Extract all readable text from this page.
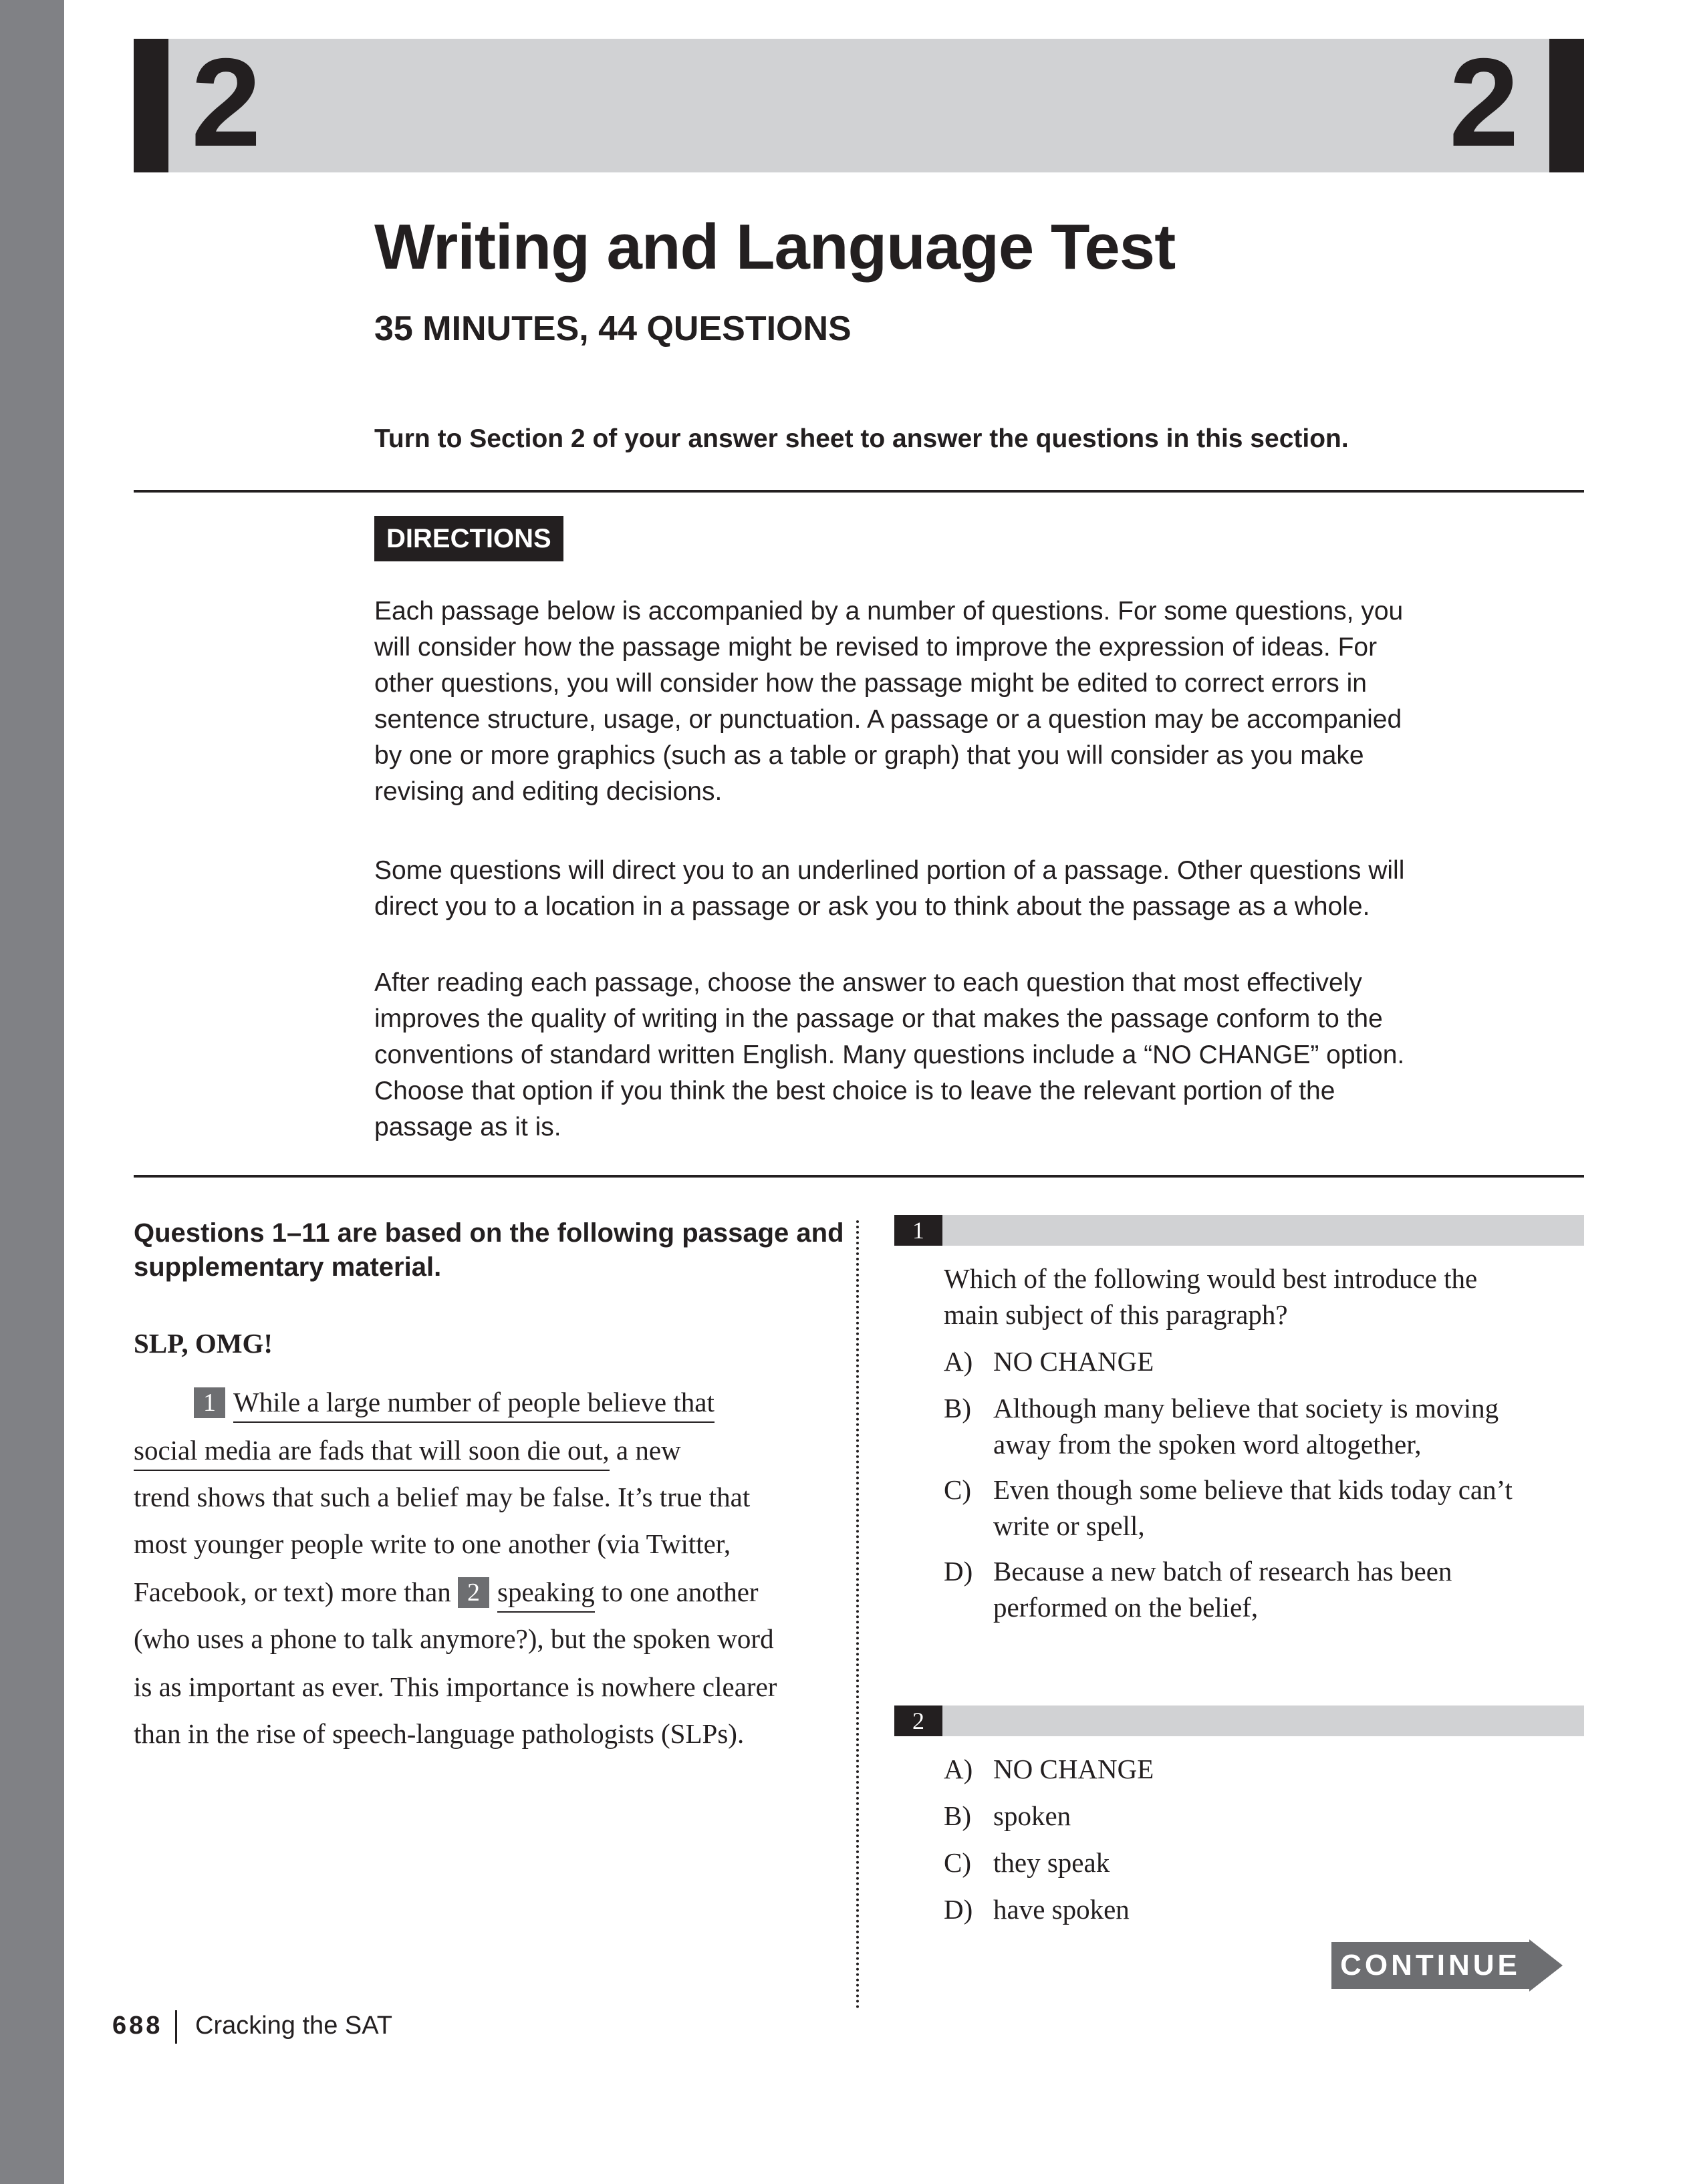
2	2
Writing and Language Test
35 MINUTES, 44 QUESTIONS
Turn to Section 2 of your answer sheet to answer the questions in this section.
DIRECTIONS
Each passage below is accompanied by a number of questions. For some questions, you
will consider how the passage might be revised to improve the expression of ideas. For
other questions, you will consider how the passage might be edited to correct errors in
sentence structure, usage, or punctuation. A passage or a question may be accompanied
by one or more graphics (such as a table or graph) that you will consider as you make
revising and editing decisions.
Some questions will direct you to an underlined portion of a passage. Other questions will
direct you to a location in a passage or ask you to think about the passage as a whole.
After reading each passage, choose the answer to each question that most effectively
improves the quality of writing in the passage or that makes the passage conform to the
conventions of standard written English. Many questions include a “NO CHANGE” option.
Choose that option if you think the best choice is to leave the relevant portion of the
passage as it is.
Questions 1–11 are based on the following passage and
supplementary material.
SLP, OMG!
1 While a large number of people believe that
social media are fads that will soon die out, a new
trend shows that such a belief may be false. It’s true that
most younger people write to one another (via Twitter,
Facebook, or text) more than 2 speaking to one another
(who uses a phone to talk anymore?), but the spoken word
is as important as ever. This importance is nowhere clearer
than in the rise of speech-language pathologists (SLPs).
1
Which of the following would best introduce the
main subject of this paragraph?
A) NO CHANGE
B) Although many believe that society is moving
away from the spoken word altogether,
C) Even though some believe that kids today can’t
write or spell,
D) Because a new batch of research has been
performed on the belief,
2
A) NO CHANGE
B) spoken
C) they speak
D) have spoken
CONTINUE
688 Cracking the SAT
